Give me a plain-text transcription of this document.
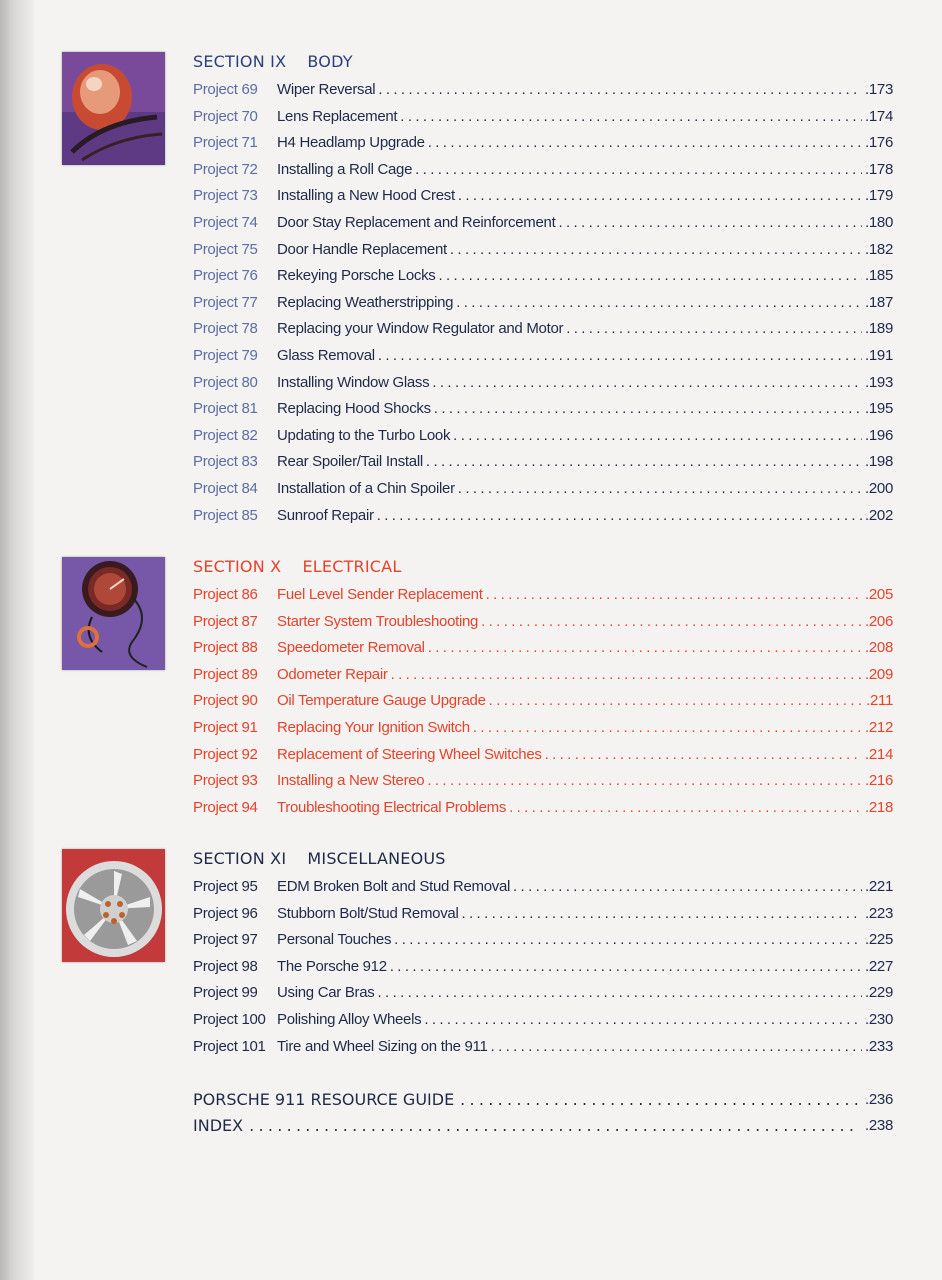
SECTION IX    BODY
Project 69	Wiper Reversal . . .	.173
Project 70	Lens Replacement . . .	.174
Project 71	H4 Headlamp Upgrade . . .	.176
Project 72	Installing a Roll Cage . . .	.178
Project 73	Installing a New Hood Crest . . .	.179
Project 74	Door Stay Replacement and Reinforcement . . .	.180
Project 75	Door Handle Replacement . . .	.182
Project 76	Rekeying Porsche Locks . . .	.185
Project 77	Replacing Weatherstripping . . .	.187
Project 78	Replacing your Window Regulator and Motor . . .	.189
Project 79	Glass Removal . . .	.191
Project 80	Installing Window Glass . . .	.193
Project 81	Replacing Hood Shocks . . .	.195
Project 82	Updating to the Turbo Look . . .	.196
Project 83	Rear Spoiler/Tail Install . . .	.198
Project 84	Installation of a Chin Spoiler . . .	.200
Project 85	Sunroof Repair . . .	.202
SECTION X    ELECTRICAL
Project 86	Fuel Level Sender Replacement . . .	.205
Project 87	Starter System Troubleshooting . . .	.206
Project 88	Speedometer Removal . . .	.208
Project 89	Odometer Repair . . .	.209
Project 90	Oil Temperature Gauge Upgrade . . .	.211
Project 91	Replacing Your Ignition Switch . . .	.212
Project 92	Replacement of Steering Wheel Switches . . .	.214
Project 93	Installing a New Stereo . . .	.216
Project 94	Troubleshooting Electrical Problems . . .	.218
SECTION XI    MISCELLANEOUS
Project 95	EDM Broken Bolt and Stud Removal . . .	.221
Project 96	Stubborn Bolt/Stud Removal . . .	.223
Project 97	Personal Touches . . .	.225
Project 98	The Porsche 912 . . .	.227
Project 99	Using Car Bras . . .	.229
Project 100 Polishing Alloy Wheels . . .	.230
Project 101 Tire and Wheel Sizing on the 911 . . .	.233
PORSCHE 911 RESOURCE GUIDE . . .	.236
INDEX . . .	.238
